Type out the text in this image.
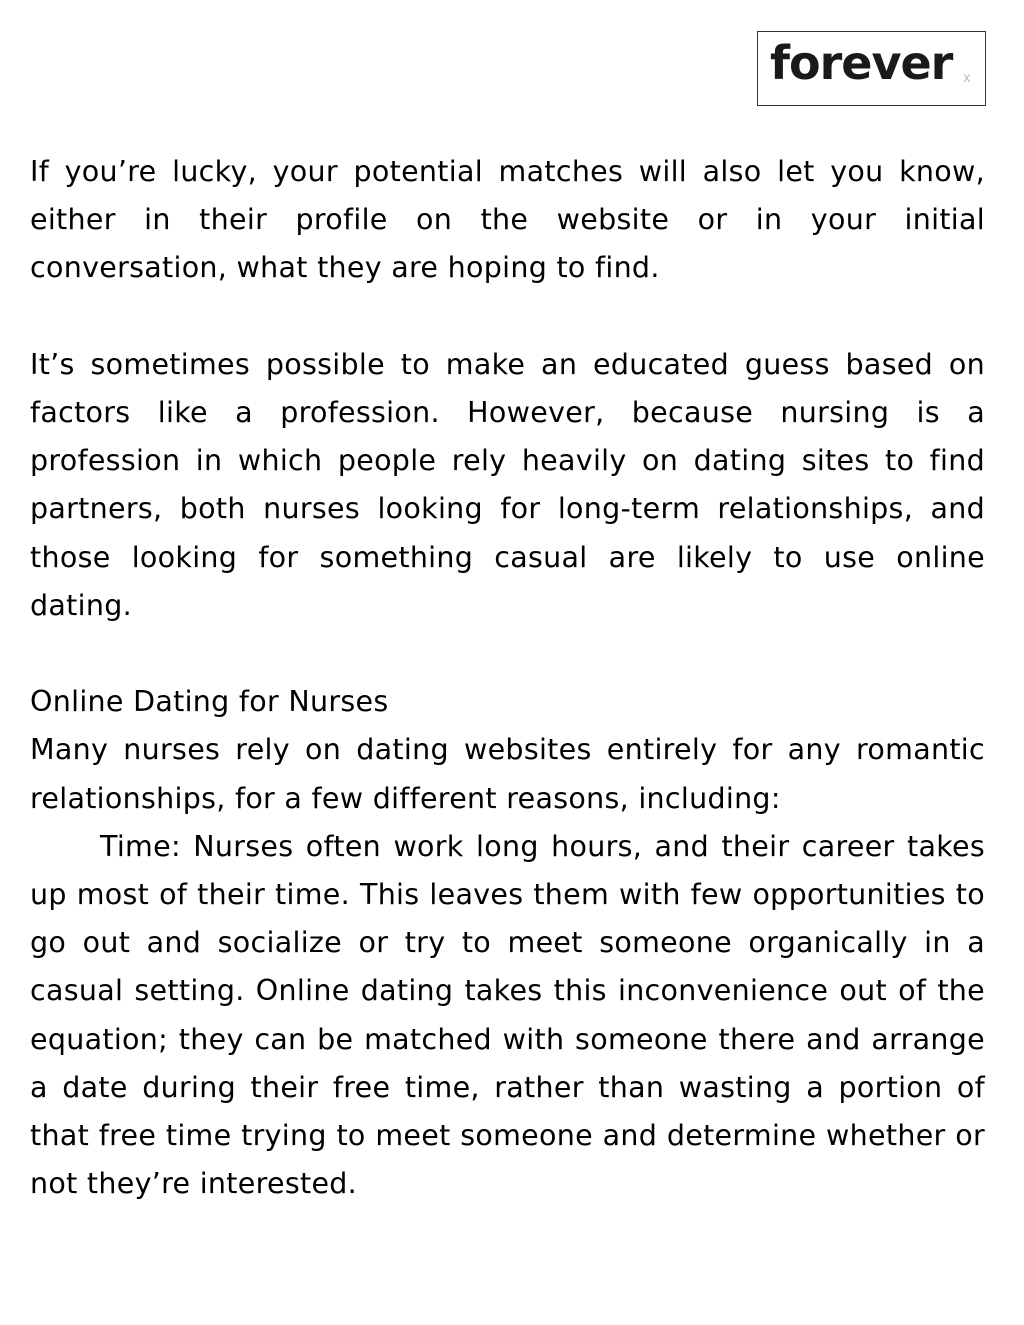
forever x

If you’re lucky, your potential matches will also let you know, either in their profile on the website or in your initial conversation, what they are hoping to find.

It’s sometimes possible to make an educated guess based on factors like a profession. However, because nursing is a profession in which people rely heavily on dating sites to find partners, both nurses looking for long-term relationships, and those looking for something casual are likely to use online dating.

Online Dating for Nurses

Many nurses rely on dating websites entirely for any romantic relationships, for a few different reasons, including:

Time: Nurses often work long hours, and their career takes up most of their time. This leaves them with few opportunities to go out and socialize or try to meet someone organically in a casual setting. Online dating takes this inconvenience out of the equation; they can be matched with someone there and arrange a date during their free time, rather than wasting a portion of that free time trying to meet someone and determine whether or not they’re interested.
